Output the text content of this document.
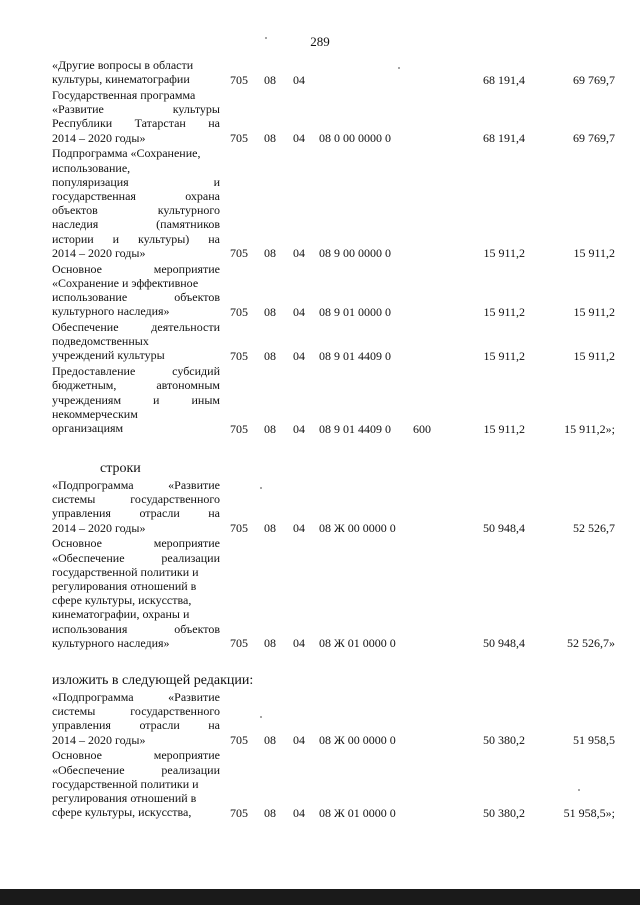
289
строки
изложить в следующей редакции:
«Другие вопросы в области
культуры, кинематографии	705 08 04	68 191,4	69 769,7
Государственная программа
«Развитие культуры
Республики Татарстан на
2014 – 2020 годы»	705 08 04 08 0 00 0000 0	68 191,4	69 769,7
Подпрограмма «Сохранение,
использование,
популяризация и
государственная охрана
объектов культурного
наследия (памятников
истории и культуры) на
2014 – 2020 годы»	705 08 04 08 9 00 0000 0	15 911,2	15 911,2
Основное мероприятие
«Сохранение и эффективное
использование объектов
культурного наследия»	705 08 04 08 9 01 0000 0	15 911,2	15 911,2
Обеспечение деятельности
подведомственных
учреждений культуры	705 08 04 08 9 01 4409 0	15 911,2	15 911,2
Предоставление субсидий
бюджетным, автономным
учреждениям и иным
некоммерческим
организациям	705 08 04 08 9 01 4409 0 600	15 911,2	15 911,2»;
«Подпрограмма «Развитие
системы государственного
управления отрасли на
2014 – 2020 годы»	705 08 04 08 Ж 00 0000 0	50 948,4	52 526,7
Основное мероприятие
«Обеспечение реализации
государственной политики и
регулирования отношений в
сфере культуры, искусства,
кинематографии, охраны и
использования объектов
культурного наследия»	705 08 04 08 Ж 01 0000 0	50 948,4	52 526,7»
«Подпрограмма «Развитие
системы государственного
управления отрасли на
2014 – 2020 годы»	705 08 04 08 Ж 00 0000 0	50 380,2	51 958,5
Основное мероприятие
«Обеспечение реализации
государственной политики и
регулирования отношений в
сфере культуры, искусства,	705 08 04 08 Ж 01 0000 0	50 380,2	51 958,5»;
